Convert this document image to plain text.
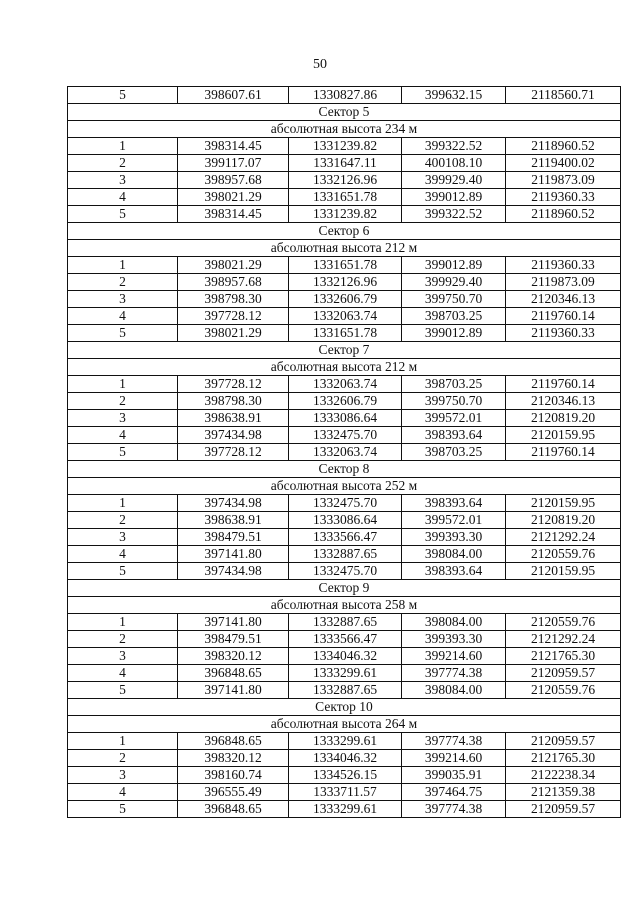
50
5	398607.61	1330827.86	399632.15	2118560.71
Сектор 5				
абсолютная высота 234 м				
1	398314.45	1331239.82	399322.52	2118960.52
2	399117.07	1331647.11	400108.10	2119400.02
3	398957.68	1332126.96	399929.40	2119873.09
4	398021.29	1331651.78	399012.89	2119360.33
5	398314.45	1331239.82	399322.52	2118960.52
Сектор 6				
абсолютная высота 212 м				
1	398021.29	1331651.78	399012.89	2119360.33
2	398957.68	1332126.96	399929.40	2119873.09
3	398798.30	1332606.79	399750.70	2120346.13
4	397728.12	1332063.74	398703.25	2119760.14
5	398021.29	1331651.78	399012.89	2119360.33
Сектор 7				
абсолютная высота 212 м				
1	397728.12	1332063.74	398703.25	2119760.14
2	398798.30	1332606.79	399750.70	2120346.13
3	398638.91	1333086.64	399572.01	2120819.20
4	397434.98	1332475.70	398393.64	2120159.95
5	397728.12	1332063.74	398703.25	2119760.14
Сектор 8				
абсолютная высота 252 м				
1	397434.98	1332475.70	398393.64	2120159.95
2	398638.91	1333086.64	399572.01	2120819.20
3	398479.51	1333566.47	399393.30	2121292.24
4	397141.80	1332887.65	398084.00	2120559.76
5	397434.98	1332475.70	398393.64	2120159.95
Сектор 9				
абсолютная высота 258 м				
1	397141.80	1332887.65	398084.00	2120559.76
2	398479.51	1333566.47	399393.30	2121292.24
3	398320.12	1334046.32	399214.60	2121765.30
4	396848.65	1333299.61	397774.38	2120959.57
5	397141.80	1332887.65	398084.00	2120559.76
Сектор 10				
абсолютная высота 264 м				
1	396848.65	1333299.61	397774.38	2120959.57
2	398320.12	1334046.32	399214.60	2121765.30
3	398160.74	1334526.15	399035.91	2122238.34
4	396555.49	1333711.57	397464.75	2121359.38
5	396848.65	1333299.61	397774.38	2120959.57
